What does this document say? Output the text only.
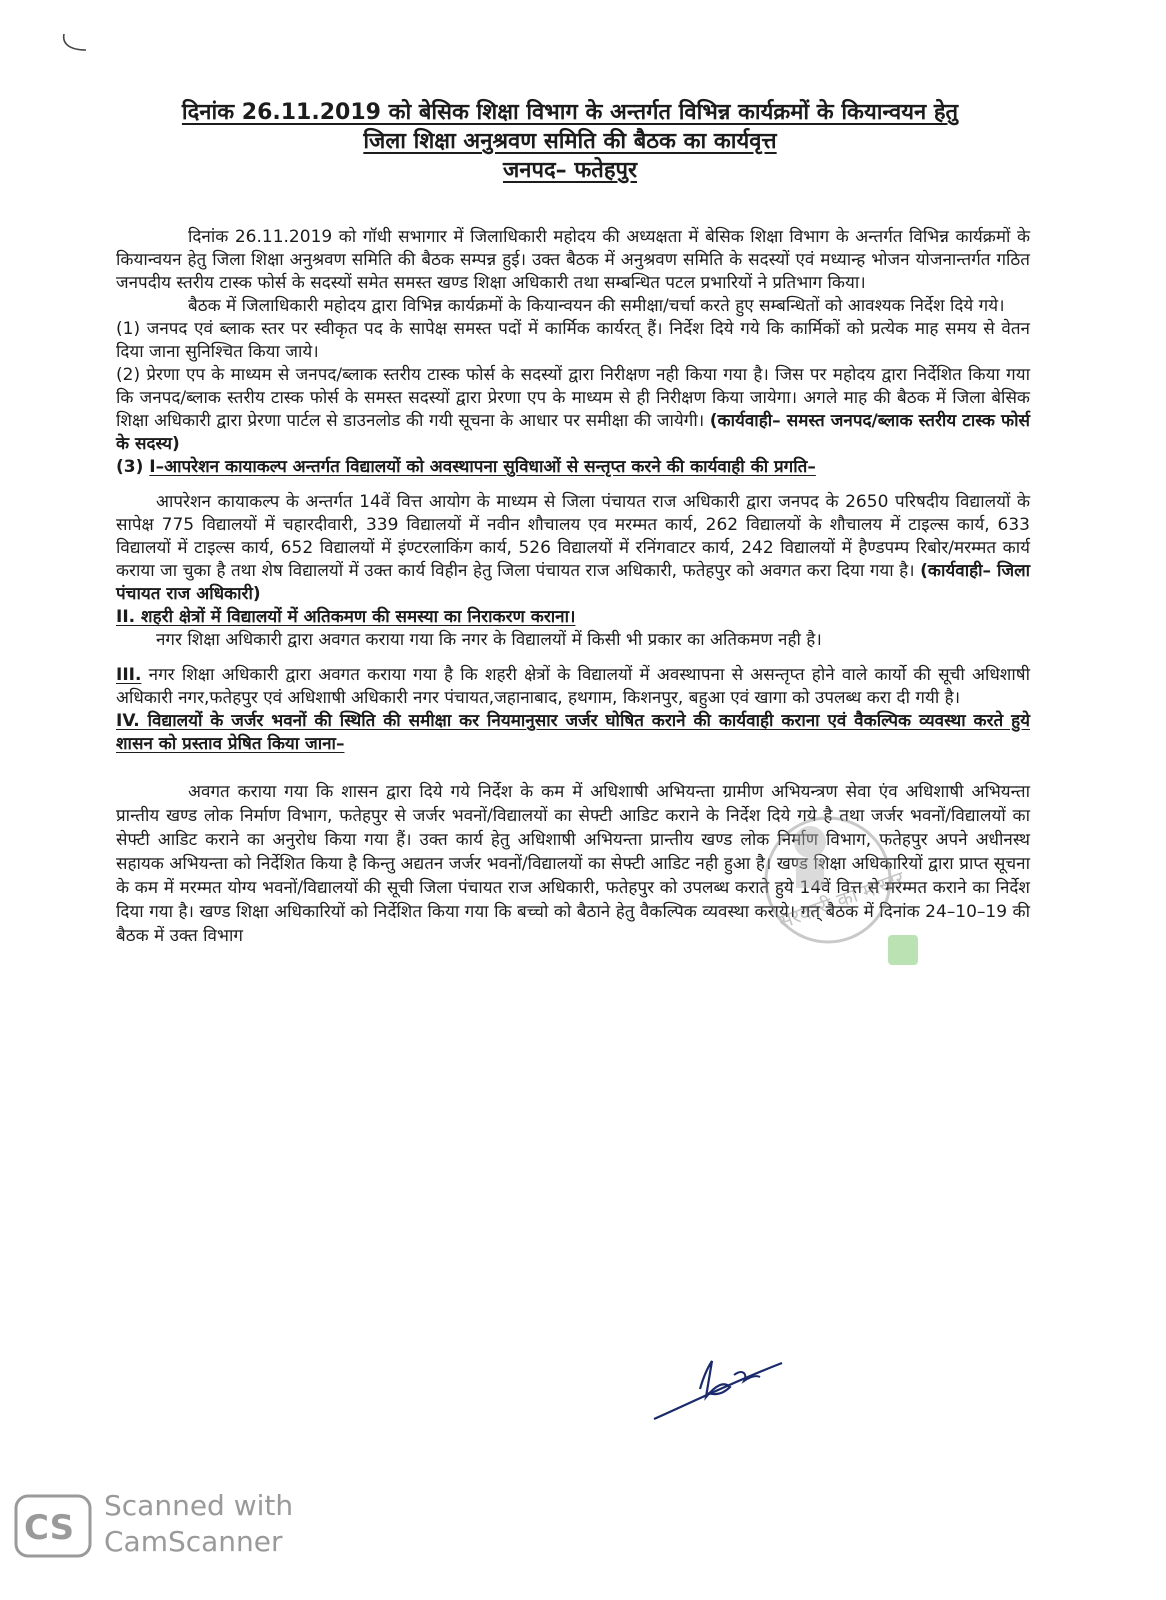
दिनांक 26.11.2019 को बेसिक शिक्षा विभाग के अन्तर्गत विभिन्न कार्यक्रमों के कियान्वयन हेतु

जिला शिक्षा अनुश्रवण समिति की बैठक का कार्यवृत्त

जनपद– फतेहपुर

दिनांक 26.11.2019 को गॉधी सभागार में जिलाधिकारी महोदय की अध्यक्षता में बेसिक शिक्षा विभाग के अन्तर्गत विभिन्न कार्यक्रमों के कियान्वयन हेतु जिला शिक्षा अनुश्रवण समिति की बैठक सम्पन्न हुई। उक्त बैठक में अनुश्रवण समिति के सदस्यों एवं मध्यान्ह भोजन योजनान्तर्गत गठित जनपदीय स्तरीय टास्क फोर्स के सदस्यों समेत समस्त खण्ड शिक्षा अधिकारी तथा सम्बन्धित पटल प्रभारियों ने प्रतिभाग किया।

बैठक में जिलाधिकारी महोदय द्वारा विभिन्न कार्यक्रमों के कियान्वयन की समीक्षा/चर्चा करते हुए सम्बन्धितों को आवश्यक निर्देश दिये गये।

(1) जनपद एवं ब्लाक स्तर पर स्वीकृत पद के सापेक्ष समस्त पदों में कार्मिक कार्यरत् हैं। निर्देश दिये गये कि कार्मिकों को प्रत्येक माह समय से वेतन दिया जाना सुनिश्चित किया जाये।

(2) प्रेरणा एप के माध्यम से जनपद/ब्लाक स्तरीय टास्क फोर्स के सदस्यों द्वारा निरीक्षण नही किया गया है। जिस पर महोदय द्वारा निर्देशित किया गया कि जनपद/ब्लाक स्तरीय टास्क फोर्स के समस्त सदस्यों द्वारा प्रेरणा एप के माध्यम से ही निरीक्षण किया जायेगा। अगले माह की बैठक में जिला बेसिक शिक्षा अधिकारी द्वारा प्रेरणा पार्टल से डाउनलोड की गयी सूचना के आधार पर समीक्षा की जायेगी। (कार्यवाही– समस्त जनपद/ब्लाक स्तरीय टास्क फोर्स के सदस्य)

(3) I–आपरेशन कायाकल्प अन्तर्गत विद्यालयों को अवस्थापना सुविधाओं से सन्तृप्त करने की कार्यवाही की प्रगति–

आपरेशन कायाकल्प के अन्तर्गत 14वें वित्त आयोग के माध्यम से जिला पंचायत राज अधिकारी द्वारा जनपद के 2650 परिषदीय विद्यालयों के सापेक्ष 775 विद्यालयों में चहारदीवारी, 339 विद्यालयों में नवीन शौचालय एव मरम्मत कार्य, 262 विद्यालयों के शौचालय में टाइल्स कार्य, 633 विद्यालयों में टाइल्स कार्य, 652 विद्यालयों में इंण्टरलाकिंग कार्य, 526 विद्यालयों में रनिंगवाटर कार्य, 242 विद्यालयों में हैण्डपम्प रिबोर/मरम्मत कार्य कराया जा चुका है तथा शेष विद्यालयों में उक्त कार्य विहीन हेतु जिला पंचायत राज अधिकारी, फतेहपुर को अवगत करा दिया गया है। (कार्यवाही– जिला पंचायत राज अधिकारी)

II. शहरी क्षेत्रों में विद्यालयों में अतिकमण की समस्या का निराकरण कराना।

नगर शिक्षा अधिकारी द्वारा अवगत कराया गया कि नगर के विद्यालयों में किसी भी प्रकार का अतिकमण नही है।

III. नगर शिक्षा अधिकारी द्वारा अवगत कराया गया है कि शहरी क्षेत्रों के विद्यालयों में अवस्थापना से असन्तृप्त होने वाले कार्यो की सूची अधिशाषी अधिकारी नगर,फतेहपुर एवं अधिशाषी अधिकारी नगर पंचायत,जहानाबाद, हथगाम, किशनपुर, बहुआ एवं खागा को उपलब्ध करा दी गयी है।

IV. विद्यालयों के जर्जर भवनों की स्थिति की समीक्षा कर नियमानुसार जर्जर घोषित कराने की कार्यवाही कराना एवं वैकल्पिक व्यवस्था करते हुये शासन को प्रस्ताव प्रेषित किया जाना–

अवगत कराया गया कि शासन द्वारा दिये गये निर्देश के कम में अधिशाषी अभियन्ता ग्रामीण अभियन्त्रण सेवा एंव अधिशाषी अभियन्ता प्रान्तीय खण्ड लोक निर्माण विभाग, फतेहपुर से जर्जर भवनों/विद्यालयों का सेफ्टी आडिट कराने के निर्देश दिये गये है तथा जर्जर भवनों/विद्यालयों का सेफ्टी आडिट कराने का अनुरोध किया गया हैं। उक्त कार्य हेतु अधिशाषी अभियन्ता प्रान्तीय खण्ड लोक निर्माण विभाग, फतेहपुर अपने अधीनस्थ सहायक अभियन्ता को निर्देशित किया है किन्तु अद्यतन जर्जर भवनों/विद्यालयों का सेफ्टी आडिट नही हुआ है। खण्ड शिक्षा अधिकारियों द्वारा प्राप्त सूचना के कम में मरम्मत योग्य भवनों/विद्यालयों की सूची जिला पंचायत राज अधिकारी, फतेहपुर को उपलब्ध कराते हुये 14वें वित्त से मरम्मत कराने का निर्देश दिया गया है। खण्ड शिक्षा अधिकारियों को निर्देशित किया गया कि बच्चो को बैठाने हेतु वैकल्पिक व्यवस्था कराये। गत् बैठक में दिनांक 24–10–19 की बैठक में उक्त विभाग

सरकारी का मास्टर
CS
Scanned with
CamScanner
